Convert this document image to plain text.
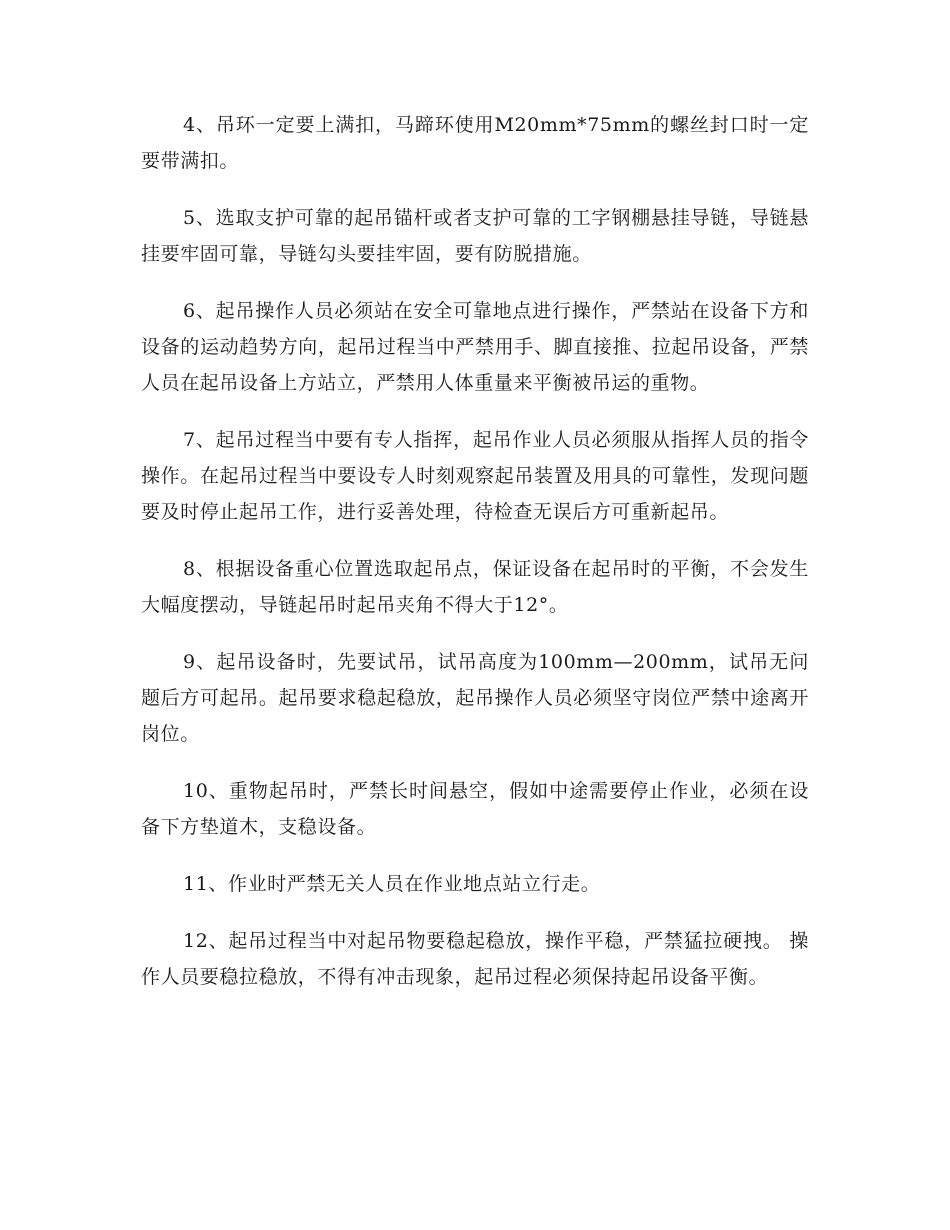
4、吊环一定要上满扣，马蹄环使用M20mm*75mm的螺丝封口时一定要带满扣。

5、选取支护可靠的起吊锚杆或者支护可靠的工字钢棚悬挂导链，导链悬挂要牢固可靠，导链勾头要挂牢固，要有防脱措施。

6、起吊操作人员必须站在安全可靠地点进行操作，严禁站在设备下方和设备的运动趋势方向，起吊过程当中严禁用手、脚直接推、拉起吊设备，严禁人员在起吊设备上方站立，严禁用人体重量来平衡被吊运的重物。

7、起吊过程当中要有专人指挥，起吊作业人员必须服从指挥人员的指令操作。在起吊过程当中要设专人时刻观察起吊装置及用具的可靠性，发现问题要及时停止起吊工作，进行妥善处理，待检查无误后方可重新起吊。

8、根据设备重心位置选取起吊点，保证设备在起吊时的平衡，不会发生大幅度摆动，导链起吊时起吊夹角不得大于12°。

9、起吊设备时，先要试吊，试吊高度为100mm—200mm，试吊无问题后方可起吊。起吊要求稳起稳放，起吊操作人员必须坚守岗位严禁中途离开岗位。

10、重物起吊时，严禁长时间悬空，假如中途需要停止作业，必须在设备下方垫道木，支稳设备。

11、作业时严禁无关人员在作业地点站立行走。

12、起吊过程当中对起吊物要稳起稳放，操作平稳，严禁猛拉硬拽。 操作人员要稳拉稳放，不得有冲击现象，起吊过程必须保持起吊设备平衡。
